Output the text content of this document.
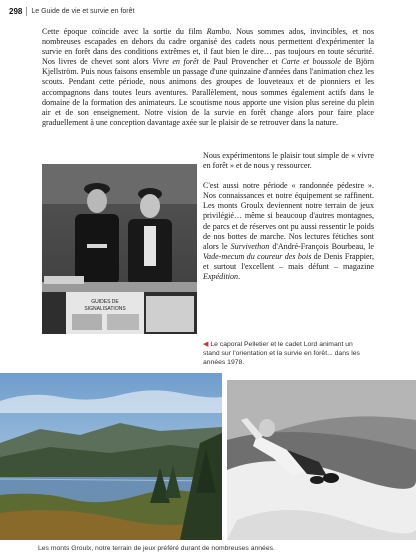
298 Le Guide de vie et survie en forêt

Cette époque coïncide avec la sortie du film Rambo. Nous sommes ados, invincibles, et nos nombreuses escapades en dehors du cadre organisé des cadets nous permettent d'expérimenter la survie en forêt dans des conditions extrêmes et, il faut bien le dire… pas toujours en toute sécurité. Nos livres de chevet sont alors Vivre en forêt de Paul Provencher et Carte et boussole de Björn Kjellström. Puis nous faisons ensemble un passage d'une quinzaine d'années dans l'animation chez les scouts. Pendant cette période, nous animons des groupes de louveteaux et de pionniers et les accompagnons dans toutes leurs aventures. Parallèlement, nous sommes également actifs dans le domaine de la formation des animateurs. Le scoutisme nous apporte une vision plus sereine du plein air et de son enseignement. Notre vision de la survie en forêt change alors pour faire place graduellement à une conception davantage axée sur le plaisir de se retrouver dans la nature.

Nous expérimentons le plaisir tout simple de « vivre en forêt » et de nous y ressourcer.

C'est aussi notre période « randonnée pédestre ». Nos connaissances et notre équipement se raffinent. Les monts Groulx deviennent notre terrain de jeux privilégié… même si beaucoup d'autres montagnes, de parcs et de réserves ont pu aussi ressentir le poids de nos bottes de marche. Nos lectures fétiches sont alors le Survivethon d'André-François Bourbeau, le Vade-mecum du coureur des bois de Denis Frappier, et surtout l'excellent – mais défunt – magazine Expédition.

GUIDES DE
SIGNALISATIONS
◀ Le caporal Pelletier et le cadet Lord animant un stand sur l'orientation et la survie en forêt... dans les années 1978.
Les monts Groulx, notre terrain de jeux préféré durant de nombreuses années.
